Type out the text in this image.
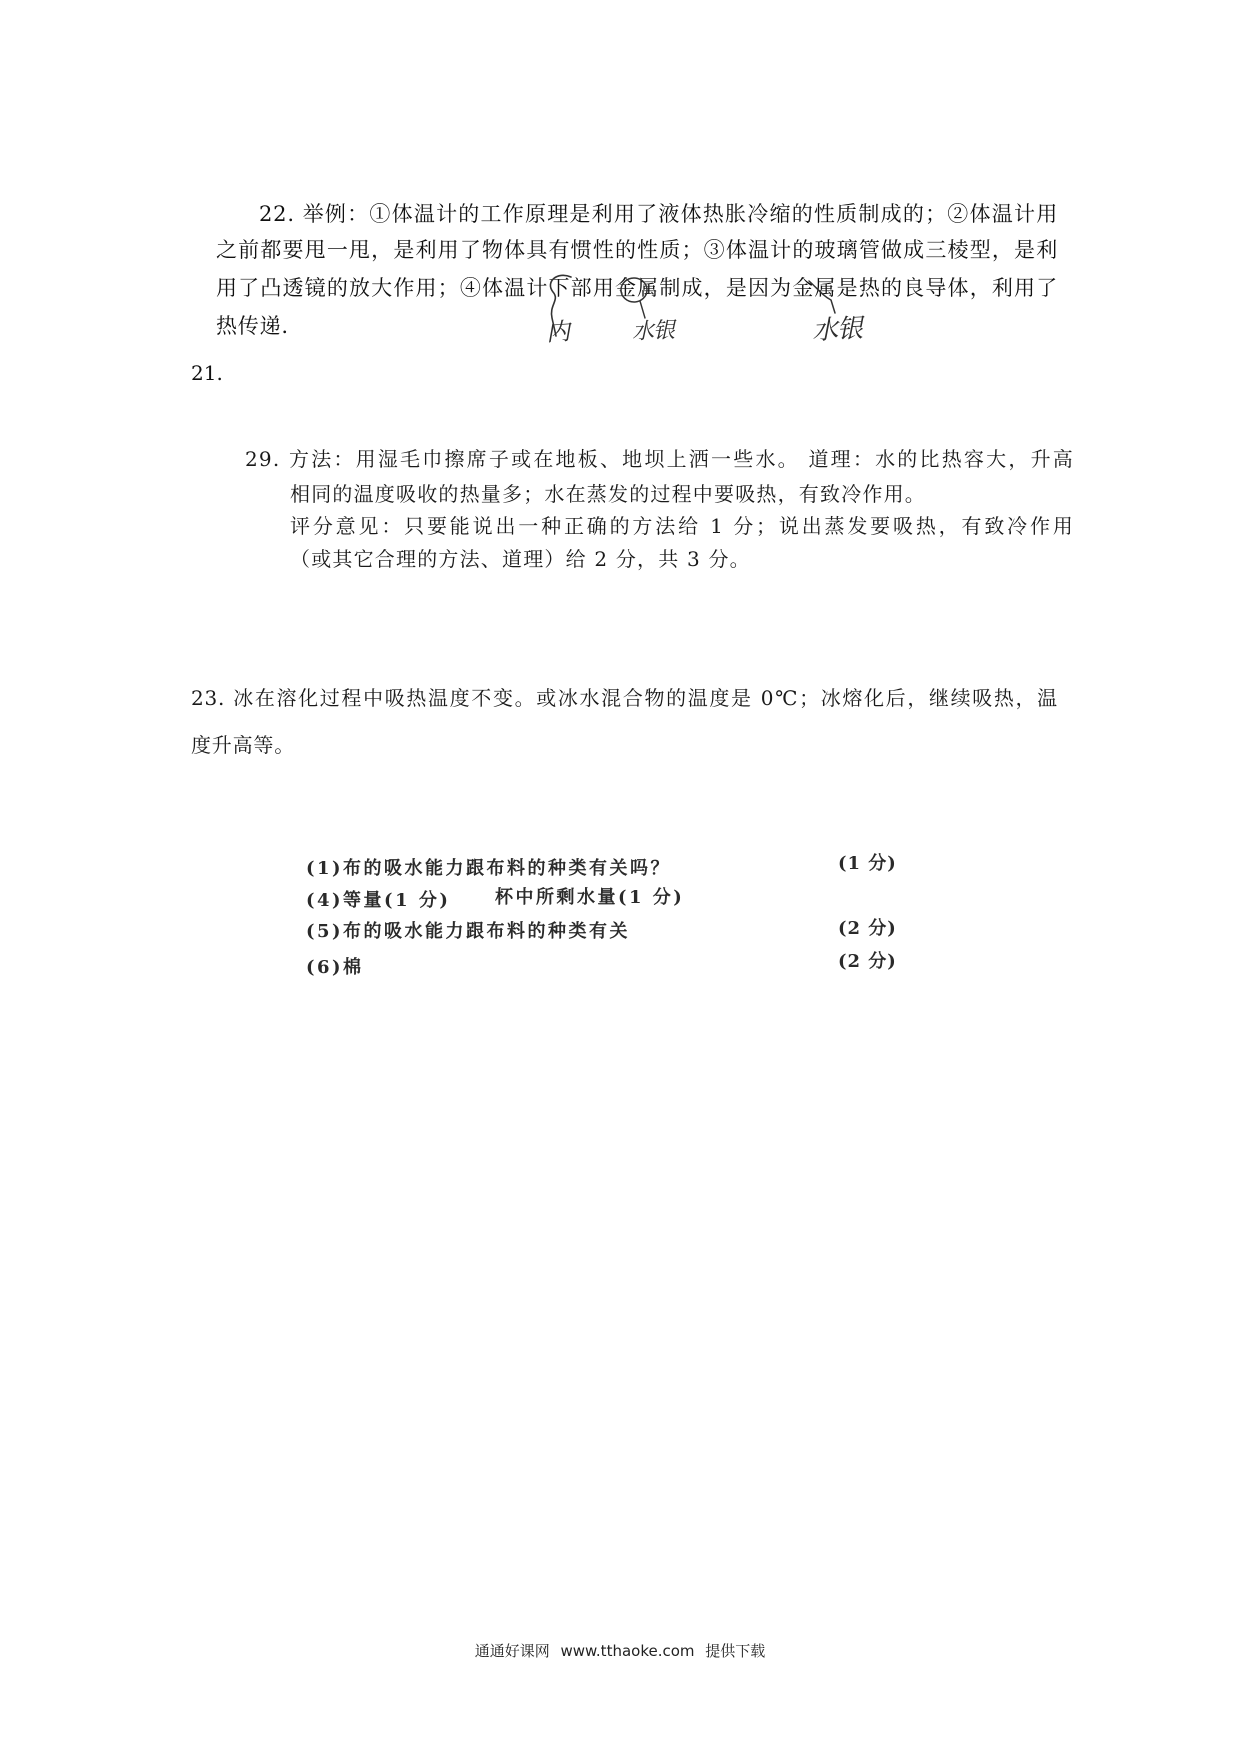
22. 举例：①体温计的工作原理是利用了液体热胀冷缩的性质制成的；②体温计用
之前都要甩一甩，是利用了物体具有惯性的性质；③体温计的玻璃管做成三棱型，是利
用了凸透镜的放大作用；④体温计下部用金属制成，是因为金属是热的良导体，利用了
热传递.	内	水银	水银
21.
29. 方法：用湿毛巾擦席子或在地板、地坝上洒一些水。 道理：水的比热容大，升高
相同的温度吸收的热量多；水在蒸发的过程中要吸热，有致冷作用。
评分意见：只要能说出一种正确的方法给 1 分；说出蒸发要吸热，有致冷作用
（或其它合理的方法、道理）给 2 分，共 3 分。
23. 冰在溶化过程中吸热温度不变。或冰水混合物的温度是 0℃；冰熔化后，继续吸热，温
度升高等。
(1)布的吸水能力跟布料的种类有关吗？	(1 分)
(4)等量(1 分) 杯中所剩水量(1 分)
(5)布的吸水能力跟布料的种类有关	(2 分)
(6)棉	(2 分)
通通好课网 www.tthaoke.com 提供下载
